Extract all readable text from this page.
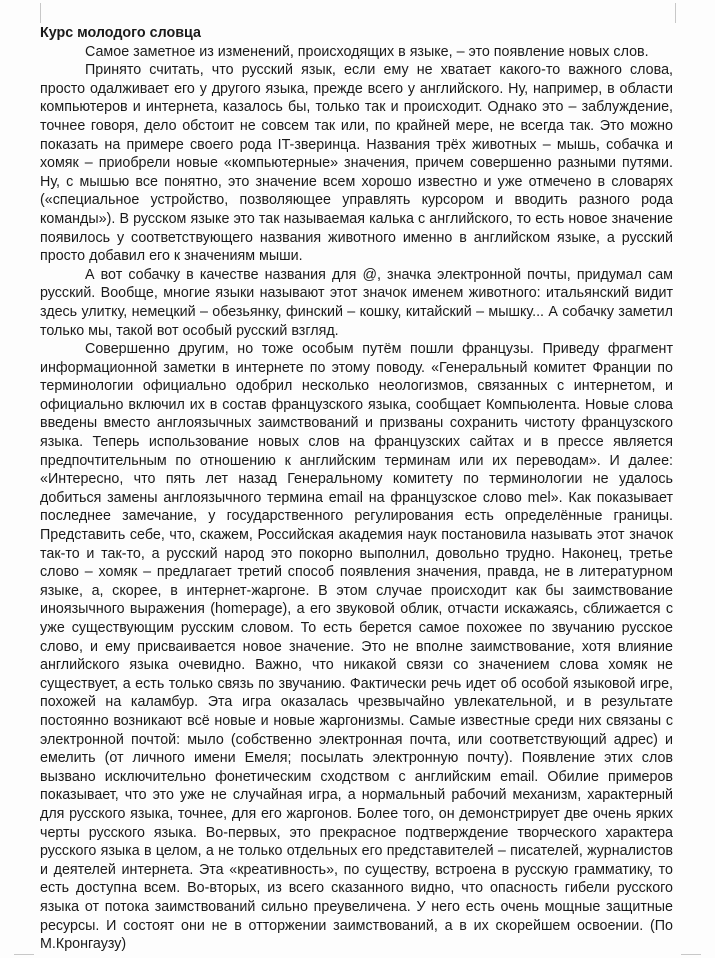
Курс молодого словца

Самое заметное из изменений, происходящих в языке, – это появление новых слов.

Принято считать, что русский язык, если ему не хватает какого-то важного слова, просто одалживает его у другого языка, прежде всего у английского. Ну, например, в области компьютеров и интернета, казалось бы, только так и происходит. Однако это – заблуждение, точнее говоря, дело обстоит не совсем так или, по крайней мере, не всегда так. Это можно показать на примере своего рода IT-зверинца. Названия трёх животных – мышь, собачка и хомяк – приобрели новые «компьютерные» значения, причем совершенно разными путями. Ну, с мышью все понятно, это значение всем хорошо известно и уже отмечено в словарях («специальное устройство, позволяющее управлять курсором и вводить разного рода команды»). В русском языке это так называемая калька с английского, то есть новое значение появилось у соответствующего названия животного именно в английском языке, а русский просто добавил его к значениям мыши.

А вот собачку в качестве названия для @, значка электронной почты, придумал сам русский. Вообще, многие языки называют этот значок именем животного: итальянский видит здесь улитку, немецкий – обезьянку, финский – кошку, китайский – мышку... А собачку заметил только мы, такой вот особый русский взгляд.

Совершенно другим, но тоже особым путём пошли французы. Приведу фрагмент информационной заметки в интернете по этому поводу. «Генеральный комитет Франции по терминологии официально одобрил несколько неологизмов, связанных с интернетом, и официально включил их в состав французского языка, сообщает Компьюлента. Новые слова введены вместо англоязычных заимствований и призваны сохранить чистоту французского языка. Теперь использование новых слов на французских сайтах и в прессе является предпочтительным по отношению к английским терминам или их переводам». И далее: «Интересно, что пять лет назад Генеральному комитету по терминологии не удалось добиться замены англоязычного термина email на французское слово mel». Как показывает последнее замечание, у государственного регулирования есть определённые границы. Представить себе, что, скажем, Российская академия наук постановила называть этот значок так-то и так-то, а русский народ это покорно выполнил, довольно трудно. Наконец, третье слово – хомяк – предлагает третий способ появления значения, правда, не в литературном языке, а, скорее, в интернет-жаргоне. В этом случае происходит как бы заимствование иноязычного выражения (homepage), а его звуковой облик, отчасти искажаясь, сближается с уже существующим русским словом. То есть берется самое похожее по звучанию русское слово, и ему присваивается новое значение. Это не вполне заимствование, хотя влияние английского языка очевидно. Важно, что никакой связи со значением слова хомяк не существует, а есть только связь по звучанию. Фактически речь идет об особой языковой игре, похожей на каламбур. Эта игра оказалась чрезвычайно увлекательной, и в результате постоянно возникают всё новые и новые жаргонизмы. Самые известные среди них связаны с электронной почтой: мыло (собственно электронная почта, или соответствующий адрес) и емелить (от личного имени Емеля; посылать электронную почту). Появление этих слов вызвано исключительно фонетическим сходством с английским email. Обилие примеров показывает, что это уже не случайная игра, а нормальный рабочий механизм, характерный для русского языка, точнее, для его жаргонов. Более того, он демонстрирует две очень ярких черты русского языка. Во-первых, это прекрасное подтверждение творческого характера русского языка в целом, а не только отдельных его представителей – писателей, журналистов и деятелей интернета. Эта «креативность», по существу, встроена в русскую грамматику, то есть доступна всем. Во-вторых, из всего сказанного видно, что опасность гибели русского языка от потока заимствований сильно преувеличена. У него есть очень мощные защитные ресурсы. И состоят они не в отторжении заимствований, а в их скорейшем освоении. (По М.Кронгаузу)
